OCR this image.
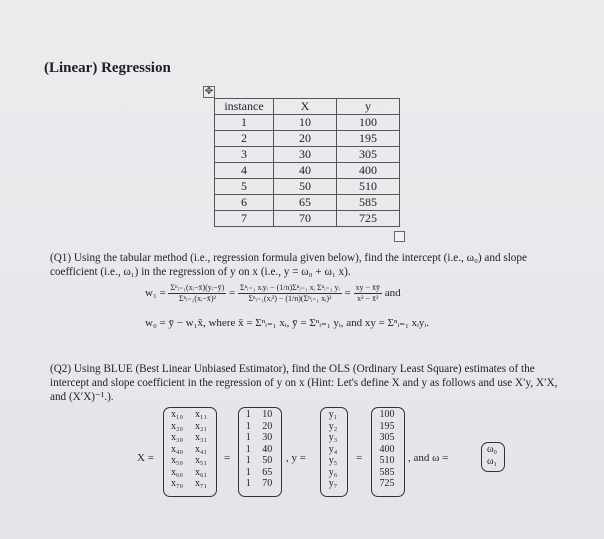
(Linear) Regression
✥
instance	X	y
1	10	100
2	20	195
3	30	305
4	40	400
5	50	510
6	65	585
7	70	725
(Q1) Using the tabular method (i.e., regression formula given below), find the intercept (i.e., ω₀) and slope coefficient (i.e., ω₁) in the regression of y on x (i.e., y = ω₀ + ω₁ x).
$w_1 = \frac{\text{Σⁿᵢ₌₁(xᵢ−x̄)(yᵢ−ȳ)}}{\text{Σⁿᵢ₌₁(xᵢ−x̄)²}} = \frac{\text{Σⁿᵢ₌₁ xᵢyᵢ − (1/n)Σⁿᵢ₌₁ xᵢ Σⁿᵢ₌₁ yᵢ}}{\text{Σⁿᵢ₌₁(xᵢ²) − (1/n)(Σⁿᵢ₌₁ xᵢ)²}} = \frac{xy - x̄ȳ}{\text{x² − x̄²}}$ and
w₀ = ȳ − w₁x̄, where x̄ = Σⁿᵢ₌₁ xᵢ, ȳ = Σⁿᵢ₌₁ yᵢ, and xy = Σⁿᵢ₌₁ xᵢyᵢ.
(Q2) Using BLUE (Best Linear Unbiased Estimator), find the OLS (Ordinary Least Square) estimates of the intercept and slope coefficient in the regression of y on x (Hint: Let's define X and y as follows and use X′y, X′X, and (X′X)⁻¹.).
X =
x₁₀ x₁₁
x₂₀ x₂₁
x₃₀ x₃₁
x₄₀ x₄₁
x₅₀ x₅₁
x₆₀ x₆₁
x₇₀ x₇₁
=
1 10
1 20
1 30
1 40
1 50
1 65
1 70
, y =
y₁
y₂
y₃
y₄
y₅
y₆
y₇
=
100
195
305
400
510
585
725
, and ω =
ω₀
ω₁
